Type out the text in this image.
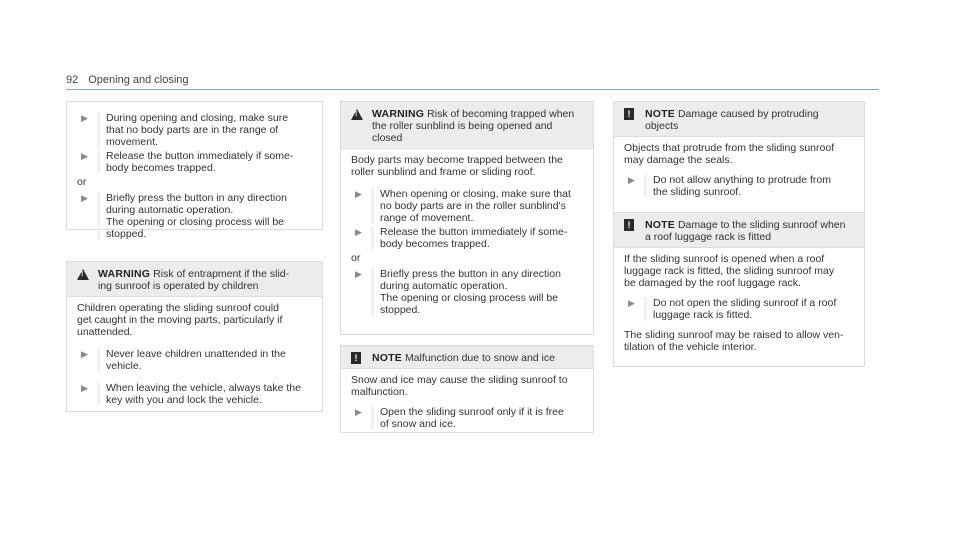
92 Opening and closing
▶	During opening and closing, make sure
that no body parts are in the range of
movement.
▶	Release the button immediately if some-
body becomes trapped.
or
▶	Briefly press the button in any direction
during automatic operation.
The opening or closing process will be
stopped.
!
WARNING Risk of entrapment if the slid-
ing sunroof is operated by children
Children operating the sliding sunroof could
get caught in the moving parts, particularly if
unattended.
▶	Never leave children unattended in the
vehicle.
▶	When leaving the vehicle, always take the
key with you and lock the vehicle.
!
WARNING Risk of becoming trapped when
the roller sunblind is being opened and
closed
Body parts may become trapped between the
roller sunblind and frame or sliding roof.
▶	When opening or closing, make sure that
no body parts are in the roller sunblind's
range of movement.
▶	Release the button immediately if some-
body becomes trapped.
or
▶	Briefly press the button in any direction
during automatic operation.
The opening or closing process will be
stopped.
!	NOTE Malfunction due to snow and ice
Snow and ice may cause the sliding sunroof to
malfunction.
▶	Open the sliding sunroof only if it is free
of snow and ice.
!	NOTE Damage caused by protruding
objects
Objects that protrude from the sliding sunroof
may damage the seals.
▶	Do not allow anything to protrude from
the sliding sunroof.
!	NOTE Damage to the sliding sunroof when
a roof luggage rack is fitted
If the sliding sunroof is opened when a roof
luggage rack is fitted, the sliding sunroof may
be damaged by the roof luggage rack.
▶	Do not open the sliding sunroof if a roof
luggage rack is fitted.
The sliding sunroof may be raised to allow ven-
tilation of the vehicle interior.
